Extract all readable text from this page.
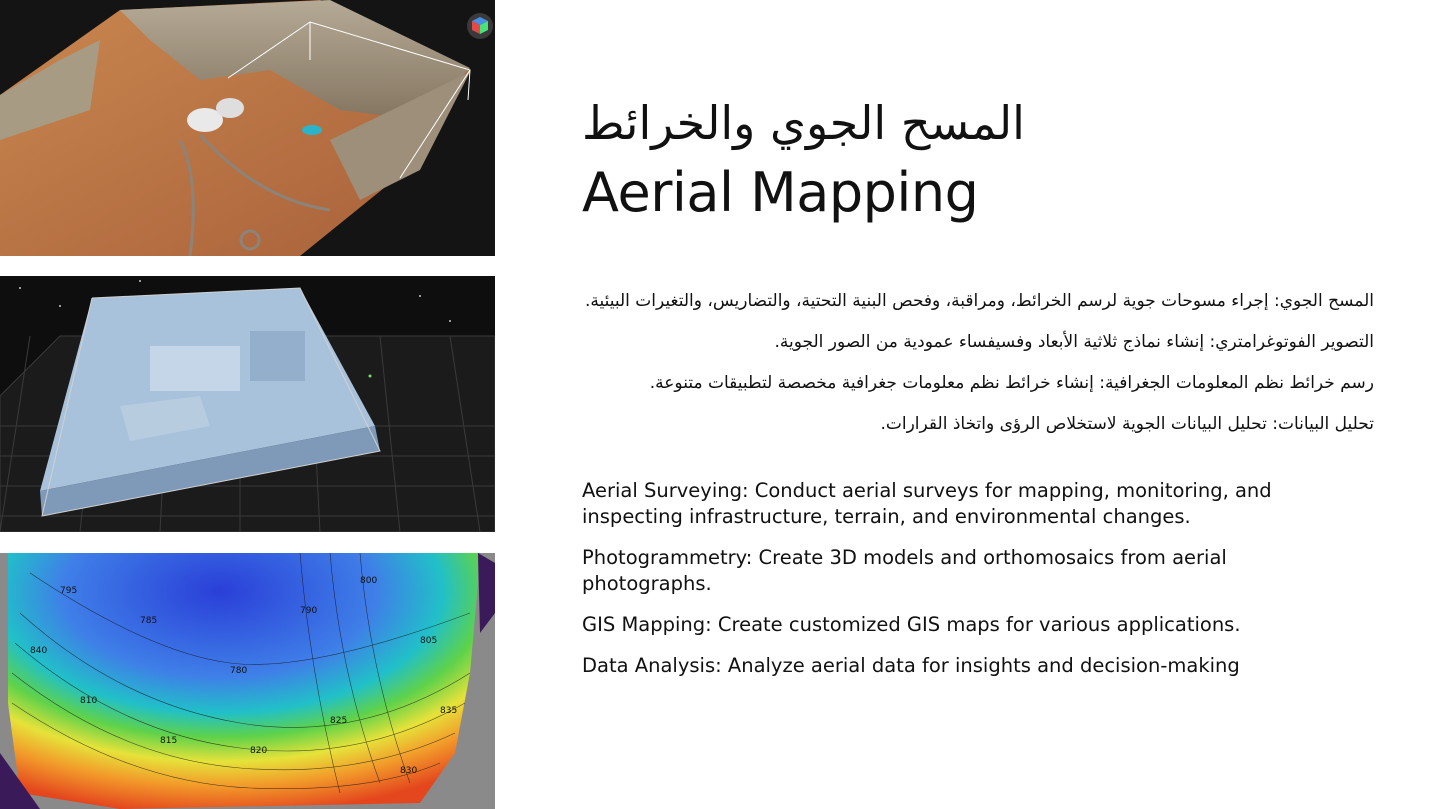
795
785
780
790
800
805
810
815
820
825
830
835
840
المسح الجوي والخرائط
Aerial Mapping

المسح الجوي: إجراء مسوحات جوية لرسم الخرائط، ومراقبة، وفحص البنية التحتية، والتضاريس، والتغيرات البيئية.

التصوير الفوتوغرامتري: إنشاء نماذج ثلاثية الأبعاد وفسيفساء عمودية من الصور الجوية.

رسم خرائط نظم المعلومات الجغرافية: إنشاء خرائط نظم معلومات جغرافية مخصصة لتطبيقات متنوعة.

تحليل البيانات: تحليل البيانات الجوية لاستخلاص الرؤى واتخاذ القرارات.

Aerial Surveying: Conduct aerial surveys for mapping, monitoring, and inspecting infrastructure, terrain, and environmental changes.

Photogrammetry: Create 3D models and orthomosaics from aerial photographs.

GIS Mapping: Create customized GIS maps for various applications.

Data Analysis: Analyze aerial data for insights and decision-making
